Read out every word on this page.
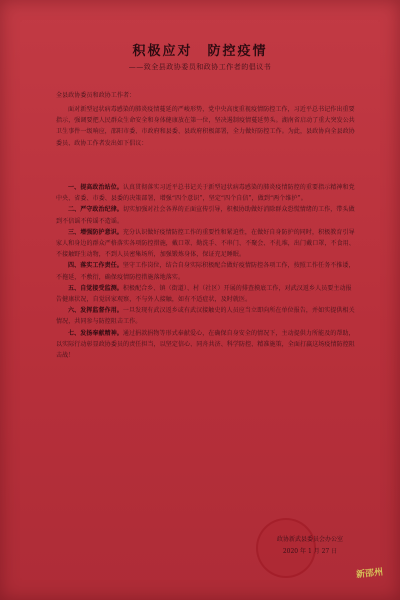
积极应对　防控疫情
——致全县政协委员和政协工作者的倡议书
全县政协委员和政协工作者：

面对新型冠状病毒感染的肺炎疫情蔓延的严峻形势，党中央高度重视疫情防控工作，习近平总书记作出重要指示，强调要把人民群众生命安全和身体健康放在第一位，坚决遏制疫情蔓延势头。湖南省启动了重大突发公共卫生事件一级响应，邵阳市委、市政府和县委、县政府积极部署，全力做好防控工作。为此，县政协向全县政协委员、政协工作者发出如下倡议：

一、提高政治站位。认真贯彻落实习近平总书记关于新型冠状病毒感染的肺炎疫情防控的重要指示精神和党中央、省委、市委、县委的决策部署，增强“四个意识”，坚定“四个自信”，做到“两个维护”。

二、严守政治纪律。切实加强对社会各界的正面宣传引导，积极协助做好消除群众恐慌情绪的工作，带头做到不信谣不传谣不造谣。

三、增强防护意识。充分认识做好疫情防控工作的重要性和紧迫性，在做好自身防护的同时，积极教育引导家人和身边的群众严格落实各项防控措施，戴口罩、勤洗手、不串门、不聚会、不扎堆，出门戴口罩，不食用、不接触野生动物，不到人员密集场所，加强锻炼身体，保证充足睡眠。

四、落实工作责任。坚守工作岗位，结合自身实际积极配合做好疫情防控各项工作，按照工作任务不推诿，不拖延，不敷衍，确保疫情防控措施落地落实。

五、自觉接受监测。积极配合乡、镇（街道）、村（社区）开展的排查摸底工作，对武汉返乡人员要主动报告健康状况，自觉居家观察，不与外人接触，如有不适症状，及时就医。

六、发挥监督作用。一旦发现有武汉返乡或有武汉接触史的人员应当立即向所在单位报告，并如实提供相关情况，共同参与防控阻击工作。

七、发扬奉献精神。通过捐款捐物等形式奉献爱心，在确保自身安全的情况下，主动提供力所能及的帮助，以实际行动彰显政协委员的责任担当，以坚定信心、同舟共济、科学防控、精准施策，全面打赢这场疫情防控阻击战！

政协新武县委员会办公室
2020 年 1 月 27 日
新邵州
